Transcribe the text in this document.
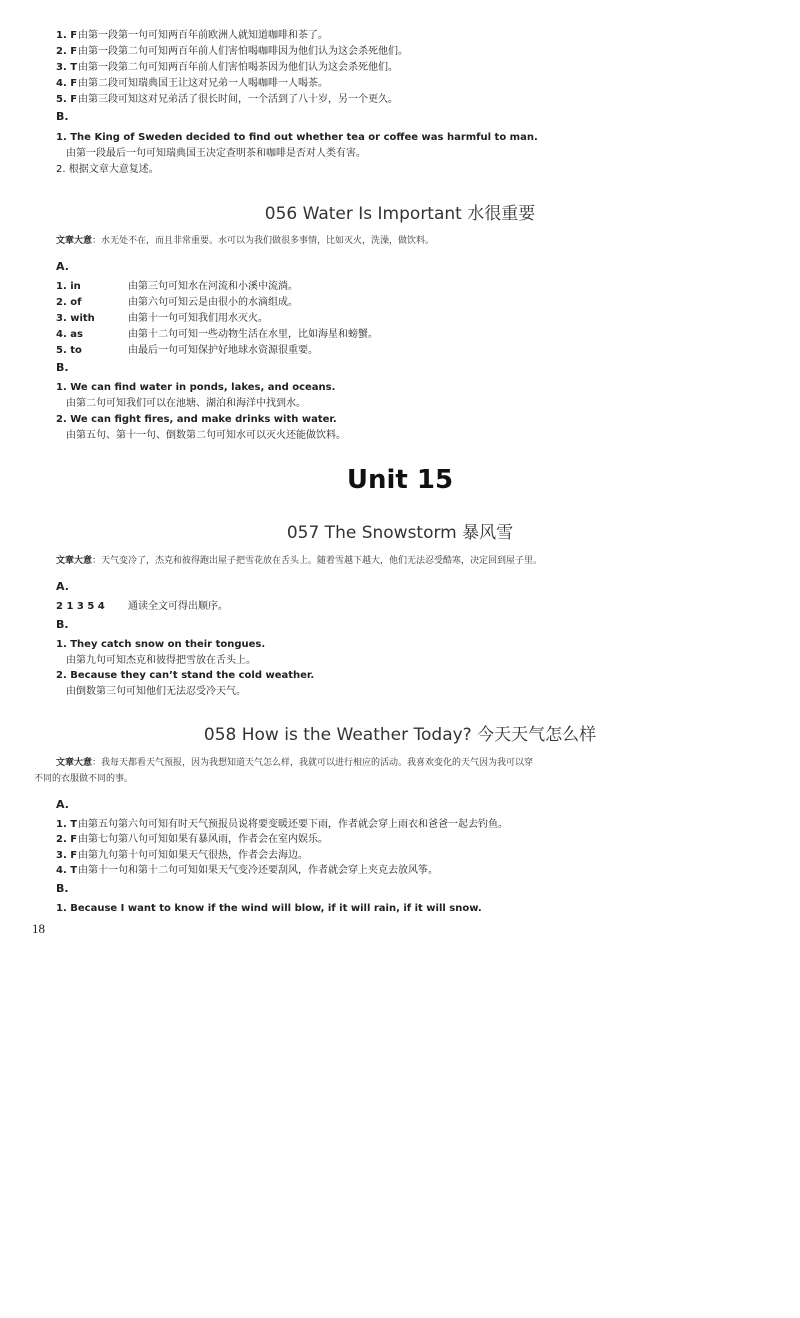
1. F由第一段第一句可知两百年前欧洲人就知道咖啡和茶了。
2. F由第一段第二句可知两百年前人们害怕喝咖啡因为他们认为这会杀死他们。
3. T由第一段第二句可知两百年前人们害怕喝茶因为他们认为这会杀死他们。
4. F由第二段可知瑞典国王让这对兄弟一人喝咖啡一人喝茶。
5. F由第三段可知这对兄弟活了很长时间，一个活到了八十岁，另一个更久。
B.
1. The King of Sweden decided to find out whether tea or coffee was harmful to man.
由第一段最后一句可知瑞典国王决定查明茶和咖啡是否对人类有害。
2. 根据文章大意复述。
056 Water Is Important 水很重要
文章大意：水无处不在，而且非常重要。水可以为我们做很多事情，比如灭火，洗澡，做饮料。
A.
1. in	由第三句可知水在河流和小溪中流淌。
2. of	由第六句可知云是由很小的水滴组成。
3. with	由第十一句可知我们用水灭火。
4. as	由第十二句可知一些动物生活在水里，比如海星和螃蟹。
5. to	由最后一句可知保护好地球水资源很重要。
B.
1. We can find water in ponds, lakes, and oceans.
由第二句可知我们可以在池塘、湖泊和海洋中找到水。
2. We can fight fires, and make drinks with water.
由第五句、第十一句、倒数第二句可知水可以灭火还能做饮料。
Unit 15
057 The Snowstorm 暴风雪
文章大意：天气变冷了，杰克和彼得跑出屋子把雪花放在舌头上。随着雪越下越大，他们无法忍受酷寒，决定回到屋子里。
A.
2 1 3 5 4 通读全文可得出顺序。
B.
1. They catch snow on their tongues.
由第九句可知杰克和彼得把雪放在舌头上。
2. Because they can’t stand the cold weather.
由倒数第三句可知他们无法忍受冷天气。
058 How is the Weather Today? 今天天气怎么样
文章大意：我每天都看天气预报，因为我想知道天气怎么样，我就可以进行相应的活动。我喜欢变化的天气因为我可以穿
不同的衣服做不同的事。
A.
1. T由第五句第六句可知有时天气预报员说将要变暖还要下雨，作者就会穿上雨衣和爸爸一起去钓鱼。
2. F由第七句第八句可知如果有暴风雨，作者会在室内娱乐。
3. F由第九句第十句可知如果天气很热，作者会去海边。
4. T由第十一句和第十二句可知如果天气变冷还要刮风，作者就会穿上夹克去放风筝。
B.
1. Because I want to know if the wind will blow, if it will rain, if it will snow.
18
